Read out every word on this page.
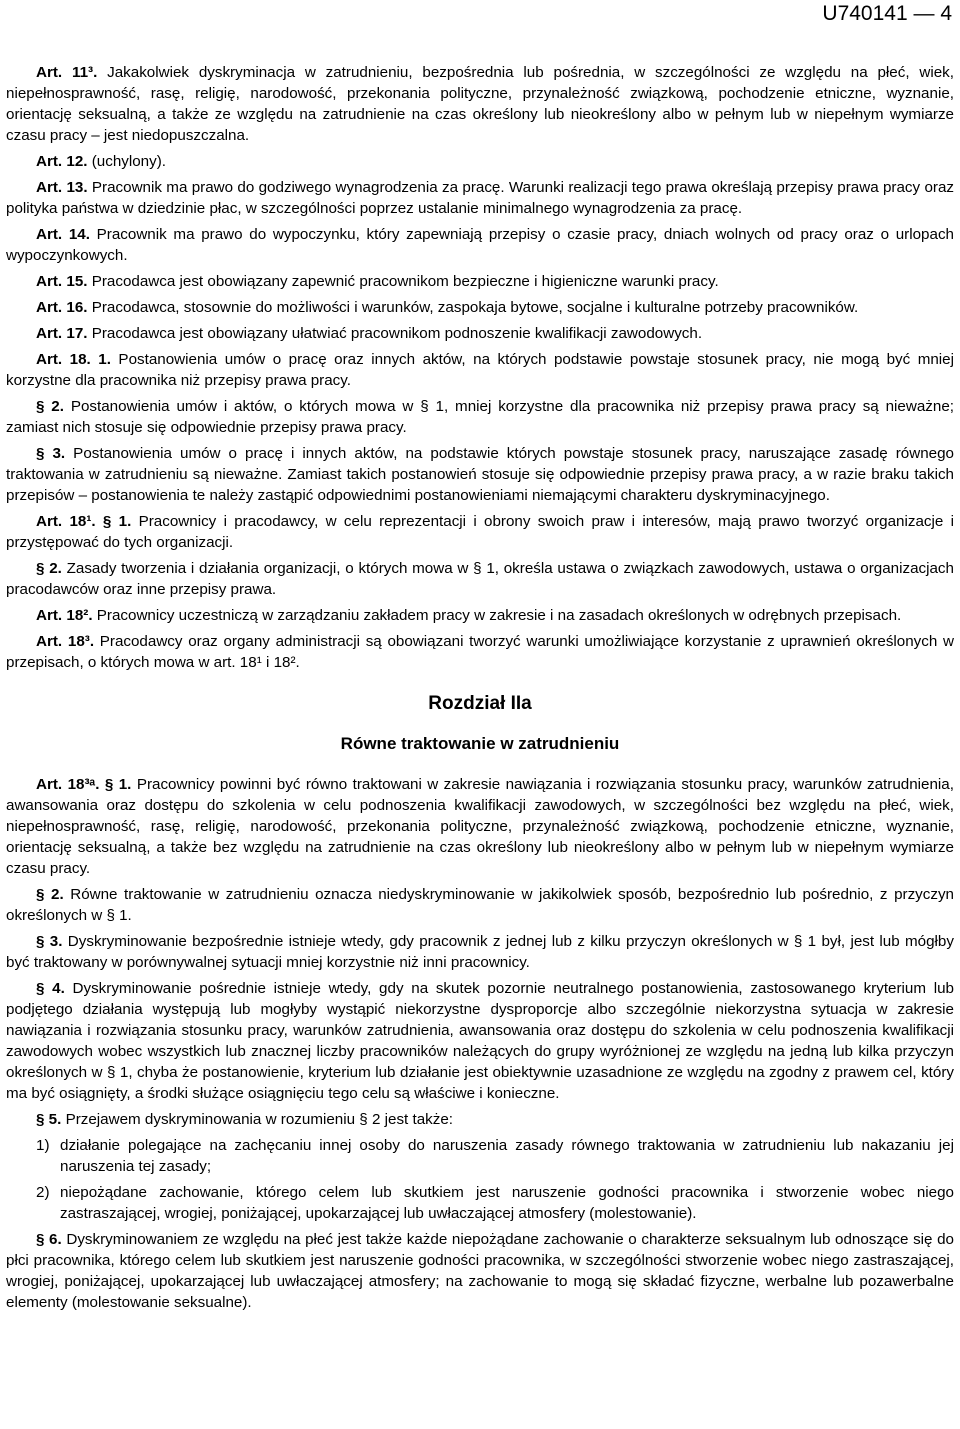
U740141 — 4

Art. 11³. Jakakolwiek dyskryminacja w zatrudnieniu, bezpośrednia lub pośrednia, w szczególności ze względu na płeć, wiek, niepełnosprawność, rasę, religię, narodowość, przekonania polityczne, przynależność związkową, pochodzenie etniczne, wyznanie, orientację seksualną, a także ze względu na zatrudnienie na czas określony lub nieokreślony albo w pełnym lub w niepełnym wymiarze czasu pracy – jest niedopuszczalna.

Art. 12. (uchylony).

Art. 13. Pracownik ma prawo do godziwego wynagrodzenia za pracę. Warunki realizacji tego prawa określają przepisy prawa pracy oraz polityka państwa w dziedzinie płac, w szczególności poprzez ustalanie minimalnego wynagrodzenia za pracę.

Art. 14. Pracownik ma prawo do wypoczynku, który zapewniają przepisy o czasie pracy, dniach wolnych od pracy oraz o urlopach wypoczynkowych.

Art. 15. Pracodawca jest obowiązany zapewnić pracownikom bezpieczne i higieniczne warunki pracy.

Art. 16. Pracodawca, stosownie do możliwości i warunków, zaspokaja bytowe, socjalne i kulturalne potrzeby pracowników.

Art. 17. Pracodawca jest obowiązany ułatwiać pracownikom podnoszenie kwalifikacji zawodowych.

Art. 18. 1. Postanowienia umów o pracę oraz innych aktów, na których podstawie powstaje stosunek pracy, nie mogą być mniej korzystne dla pracownika niż przepisy prawa pracy.

§ 2. Postanowienia umów i aktów, o których mowa w § 1, mniej korzystne dla pracownika niż przepisy prawa pracy są nieważne; zamiast nich stosuje się odpowiednie przepisy prawa pracy.

§ 3. Postanowienia umów o pracę i innych aktów, na podstawie których powstaje stosunek pracy, naruszające zasadę równego traktowania w zatrudnieniu są nieważne. Zamiast takich postanowień stosuje się odpowiednie przepisy prawa pracy, a w razie braku takich przepisów – postanowienia te należy zastąpić odpowiednimi postanowieniami niemającymi charakteru dyskryminacyjnego.

Art. 18¹. § 1. Pracownicy i pracodawcy, w celu reprezentacji i obrony swoich praw i interesów, mają prawo tworzyć organizacje i przystępować do tych organizacji.

§ 2. Zasady tworzenia i działania organizacji, o których mowa w § 1, określa ustawa o związkach zawodowych, ustawa o organizacjach pracodawców oraz inne przepisy prawa.

Art. 18². Pracownicy uczestniczą w zarządzaniu zakładem pracy w zakresie i na zasadach określonych w odrębnych przepisach.

Art. 18³. Pracodawcy oraz organy administracji są obowiązani tworzyć warunki umożliwiające korzystanie z uprawnień określonych w przepisach, o których mowa w art. 18¹ i 18².

Rozdział IIa
Równe traktowanie w zatrudnieniu

Art. 18³ᵃ. § 1. Pracownicy powinni być równo traktowani w zakresie nawiązania i rozwiązania stosunku pracy, warunków zatrudnienia, awansowania oraz dostępu do szkolenia w celu podnoszenia kwalifikacji zawodowych, w szczególności bez względu na płeć, wiek, niepełnosprawność, rasę, religię, narodowość, przekonania polityczne, przynależność związkową, pochodzenie etniczne, wyznanie, orientację seksualną, a także bez względu na zatrudnienie na czas określony lub nieokreślony albo w pełnym lub w niepełnym wymiarze czasu pracy.

§ 2. Równe traktowanie w zatrudnieniu oznacza niedyskryminowanie w jakikolwiek sposób, bezpośrednio lub pośrednio, z przyczyn określonych w § 1.

§ 3. Dyskryminowanie bezpośrednie istnieje wtedy, gdy pracownik z jednej lub z kilku przyczyn określonych w § 1 był, jest lub mógłby być traktowany w porównywalnej sytuacji mniej korzystnie niż inni pracownicy.

§ 4. Dyskryminowanie pośrednie istnieje wtedy, gdy na skutek pozornie neutralnego postanowienia, zastosowanego kryterium lub podjętego działania występują lub mogłyby wystąpić niekorzystne dysproporcje albo szczególnie niekorzystna sytuacja w zakresie nawiązania i rozwiązania stosunku pracy, warunków zatrudnienia, awansowania oraz dostępu do szkolenia w celu podnoszenia kwalifikacji zawodowych wobec wszystkich lub znacznej liczby pracowników należących do grupy wyróżnionej ze względu na jedną lub kilka przyczyn określonych w § 1, chyba że postanowienie, kryterium lub działanie jest obiektywnie uzasadnione ze względu na zgodny z prawem cel, który ma być osiągnięty, a środki służące osiągnięciu tego celu są właściwe i konieczne.

§ 5. Przejawem dyskryminowania w rozumieniu § 2 jest także:

1) działanie polegające na zachęcaniu innej osoby do naruszenia zasady równego traktowania w zatrudnieniu lub nakazaniu jej naruszenia tej zasady;
2) niepożądane zachowanie, którego celem lub skutkiem jest naruszenie godności pracownika i stworzenie wobec niego zastraszającej, wrogiej, poniżającej, upokarzającej lub uwłaczającej atmosfery (molestowanie).

§ 6. Dyskryminowaniem ze względu na płeć jest także każde niepożądane zachowanie o charakterze seksualnym lub odnoszące się do płci pracownika, którego celem lub skutkiem jest naruszenie godności pracownika, w szczególności stworzenie wobec niego zastraszającej, wrogiej, poniżającej, upokarzającej lub uwłaczającej atmosfery; na zachowanie to mogą się składać fizyczne, werbalne lub pozawerbalne elementy (molestowanie seksualne).
